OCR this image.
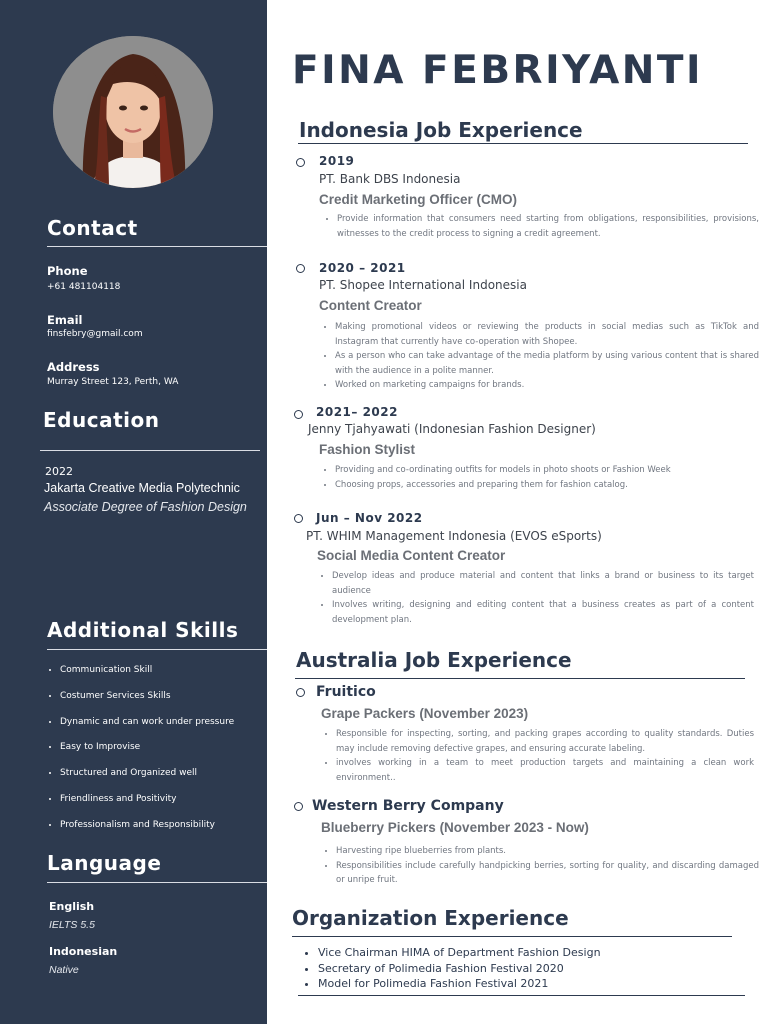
Contact
Phone
+61 481104118
Email
finsfebry@gmail.com
Address
Murray Street 123, Perth, WA
Education
2022
Jakarta Creative Media Polytechnic
Associate Degree of Fashion Design
Additional Skills
• Communication Skill
• Costumer Services Skills
• Dynamic and can work under pressure
• Easy to Improvise
• Structured and Organized well
• Friendliness and Positivity
• Professionalism and Responsibility
Language
English
IELTS 5.5
Indonesian
Native
FINA FEBRIYANTI
Indonesia Job Experience
2019
PT. Bank DBS Indonesia
Credit Marketing Officer (CMO)
• Provide information that consumers need starting from obligations, responsibilities, provisions, witnesses to the credit process to signing a credit agreement.
2020 – 2021
PT. Shopee International Indonesia
Content Creator
• Making promotional videos or reviewing the products in social medias such as TikTok and Instagram that currently have co-operation with Shopee.
• As a person who can take advantage of the media platform by using various content that is shared with the audience in a polite manner.
• Worked on marketing campaigns for brands.
2021– 2022
Jenny Tjahyawati (Indonesian Fashion Designer)
Fashion Stylist
• Providing and co-ordinating outfits for models in photo shoots or Fashion Week
• Choosing props, accessories and preparing them for fashion catalog.
Jun – Nov 2022
PT. WHIM Management Indonesia (EVOS eSports)
Social Media Content Creator
• Develop ideas and produce material and content that links a brand or business to its target audience
• Involves writing, designing and editing content that a business creates as part of a content development plan.
Australia Job Experience
Fruitico
Grape Packers (November 2023)
• Responsible for inspecting, sorting, and packing grapes according to quality standards. Duties may include removing defective grapes, and ensuring accurate labeling.
• involves working in a team to meet production targets and maintaining a clean work environment..
Western Berry Company
Blueberry Pickers (November 2023 - Now)
• Harvesting ripe blueberries from plants.
• Responsibilities include carefully handpicking berries, sorting for quality, and discarding damaged or unripe fruit.
Organization Experience
• Vice Chairman HIMA of Department Fashion Design
• Secretary of Polimedia Fashion Festival 2020
• Model for Polimedia Fashion Festival 2021
